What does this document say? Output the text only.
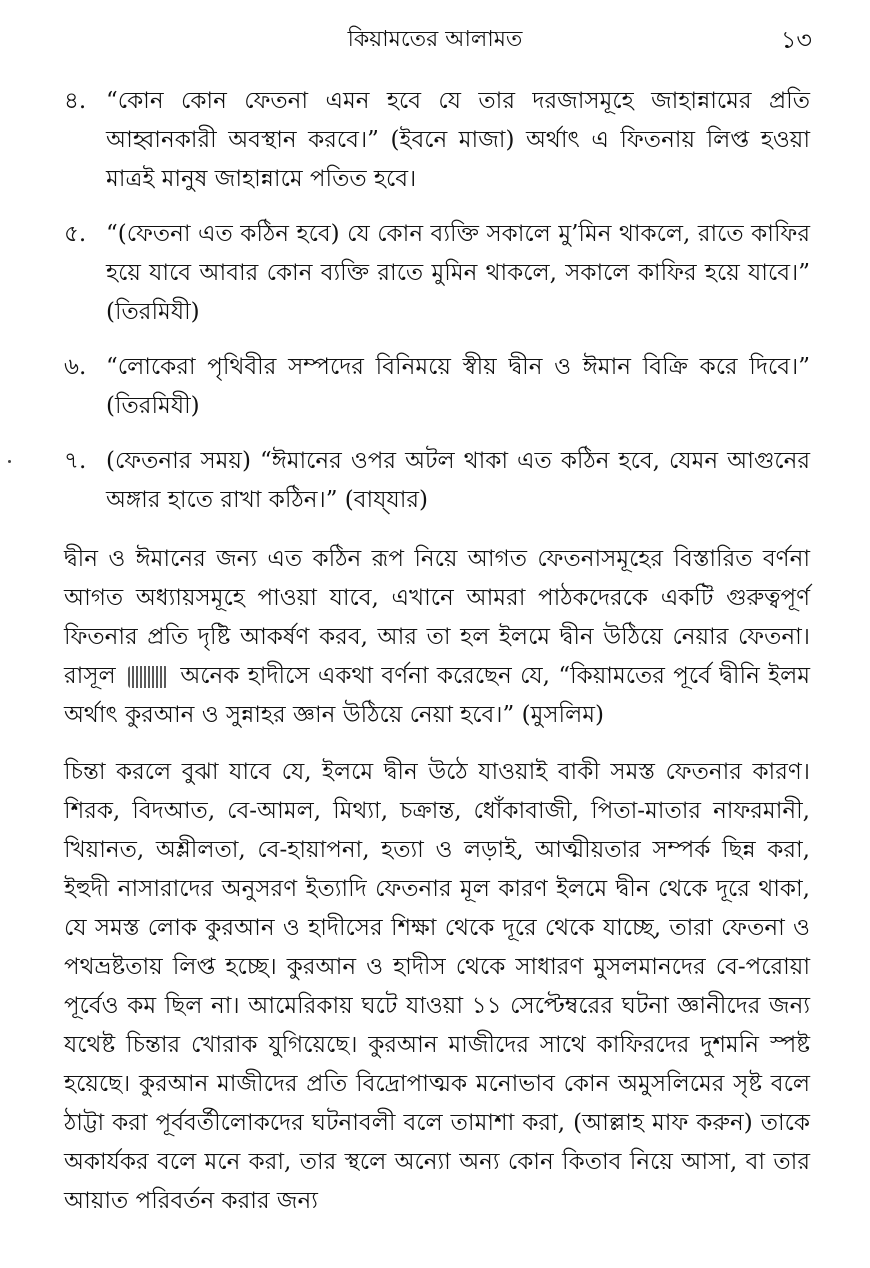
কিয়ামতের আলামত	১৩
৪. “কোন কোন ফেতনা এমন হবে যে তার দরজাসমূহে জাহান্নামের প্রতি আহ্বানকারী অবস্থান করবে।” (ইবনে মাজা) অর্থাৎ এ ফিতনায় লিপ্ত হওয়া মাত্রই মানুষ জাহান্নামে পতিত হবে।
৫. “(ফেতনা এত কঠিন হবে) যে কোন ব্যক্তি সকালে মু’মিন থাকলে, রাতে কাফির হয়ে যাবে আবার কোন ব্যক্তি রাতে মুমিন থাকলে, সকালে কাফির হয়ে যাবে।” (তিরমিযী)
৬. “লোকেরা পৃথিবীর সম্পদের বিনিময়ে স্বীয় দ্বীন ও ঈমান বিক্রি করে দিবে।” (তিরমিযী)
৭. (ফেতনার সময়) “ঈমানের ওপর অটল থাকা এত কঠিন হবে, যেমন আগুনের অঙ্গার হাতে রাখা কঠিন।” (বায্‌যার)

দ্বীন ও ঈমানের জন্য এত কঠিন রূপ নিয়ে আগত ফেতনাসমূহের বিস্তারিত বর্ণনা আগত অধ্যায়সমূহে পাওয়া যাবে, এখানে আমরা পাঠকদেরকে একটি গুরুত্বপূর্ণ ফিতনার প্রতি দৃষ্টি আকর্ষণ করব, আর তা হল ইলমে দ্বীন উঠিয়ে নেয়ার ফেতনা। রাসূল	অনেক হাদীসে একথা বর্ণনা করেছেন যে, “কিয়ামতের পূর্বে দ্বীনি ইলম অর্থাৎ কুরআন ও সুন্নাহর জ্ঞান উঠিয়ে নেয়া হবে।” (মুসলিম)

চিন্তা করলে বুঝা যাবে যে, ইলমে দ্বীন উঠে যাওয়াই বাকী সমস্ত ফেতনার কারণ। শিরক, বিদআত, বে-আমল, মিথ্যা, চক্রান্ত, ধোঁকাবাজী, পিতা-মাতার নাফরমানী, খিয়ানত, অশ্লীলতা, বে-হায়াপনা, হত্যা ও লড়াই, আত্মীয়তার সম্পর্ক ছিন্ন করা, ইহুদী নাসারাদের অনুসরণ ইত্যাদি ফেতনার মূল কারণ ইলমে দ্বীন থেকে দূরে থাকা, যে সমস্ত লোক কুরআন ও হাদীসের শিক্ষা থেকে দূরে থেকে যাচ্ছে, তারা ফেতনা ও পথভ্রষ্টতায় লিপ্ত হচ্ছে। কুরআন ও হাদীস থেকে সাধারণ মুসলমানদের বে-পরোয়া পূর্বেও কম ছিল না। আমেরিকায় ঘটে যাওয়া ১১ সেপ্টেম্বরের ঘটনা জ্ঞানীদের জন্য যথেষ্ট চিন্তার খোরাক যুগিয়েছে। কুরআন মাজীদের সাথে কাফিরদের দুশমনি স্পষ্ট হয়েছে। কুরআন মাজীদের প্রতি বিদ্রোপাত্মক মনোভাব কোন অমুসলিমের সৃষ্ট বলে ঠাট্টা করা পূর্ববর্তীলোকদের ঘটনাবলী বলে তামাশা করা, (আল্লাহ মাফ করুন) তাকে অকার্যকর বলে মনে করা, তার স্থলে অন্যো অন্য কোন কিতাব নিয়ে আসা, বা তার আয়াত পরিবর্তন করার জন্য
